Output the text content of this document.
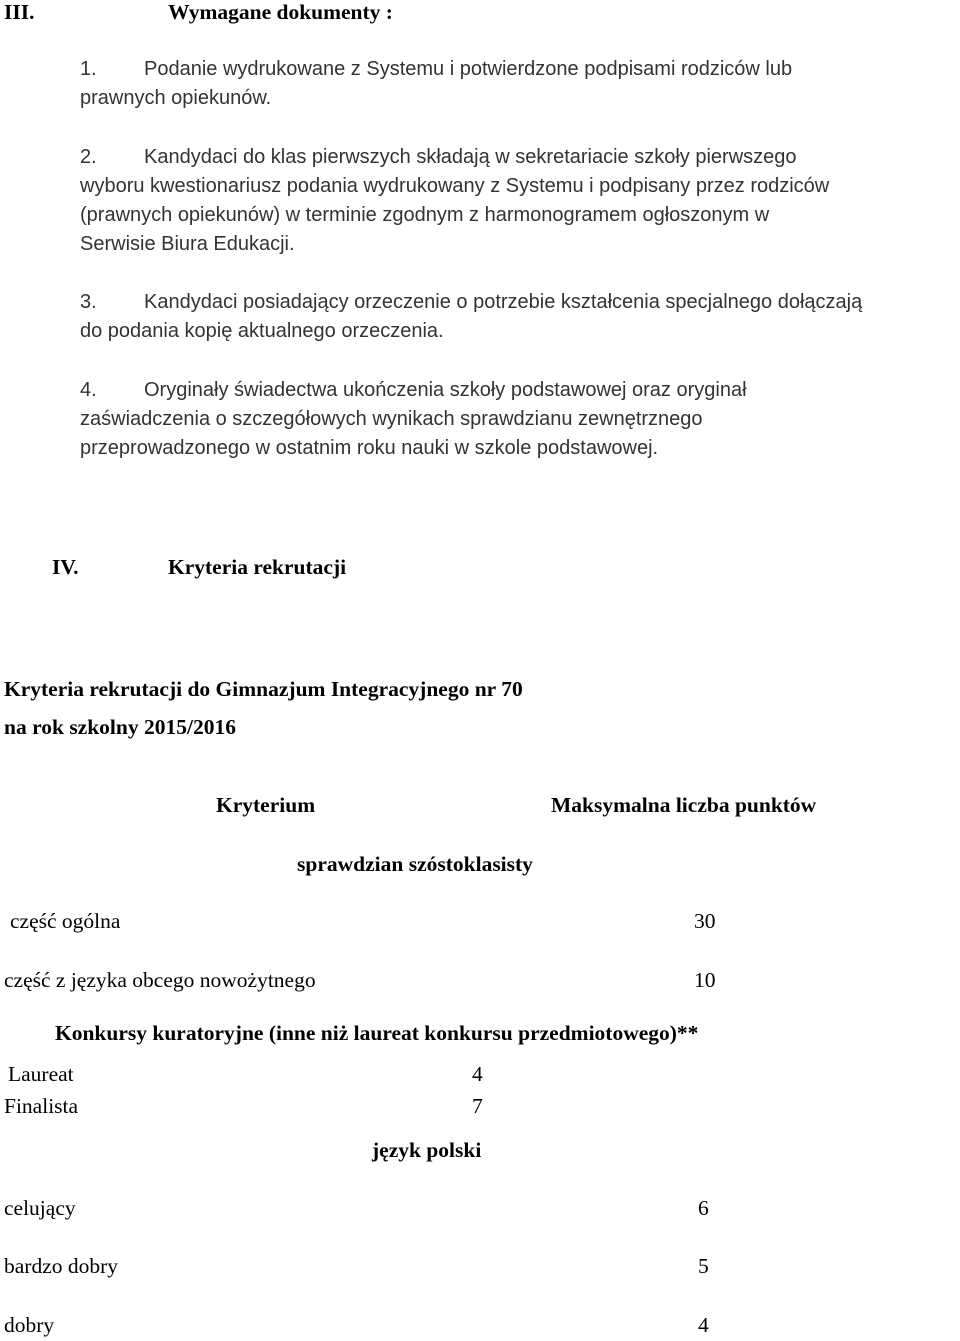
III.	Wymagane dokumenty :
1. Podanie wydrukowane z Systemu i potwierdzone podpisami rodziców lub
prawnych opiekunów.
2. Kandydaci do klas pierwszych składają w sekretariacie szkoły pierwszego
wyboru kwestionariusz podania wydrukowany z Systemu i podpisany przez rodziców
(prawnych opiekunów) w terminie zgodnym z harmonogramem ogłoszonym w
Serwisie Biura Edukacji.
3. Kandydaci posiadający orzeczenie o potrzebie kształcenia specjalnego dołączają
do podania kopię aktualnego orzeczenia.
4. Oryginały świadectwa ukończenia szkoły podstawowej oraz oryginał
zaświadczenia o szczegółowych wynikach sprawdzianu zewnętrznego
przeprowadzonego w ostatnim roku nauki w szkole podstawowej.
IV.	Kryteria rekrutacji
Kryteria rekrutacji do Gimnazjum Integracyjnego nr 70
na rok szkolny 2015/2016
Kryterium	Maksymalna liczba punktów
sprawdzian szóstoklasisty
część ogólna	30
część z języka obcego nowożytnego	10
Konkursy kuratoryjne (inne niż laureat konkursu przedmiotowego)**
Laureat	4
Finalista	7
język polski
celujący	6
bardzo dobry	5
dobry	4
